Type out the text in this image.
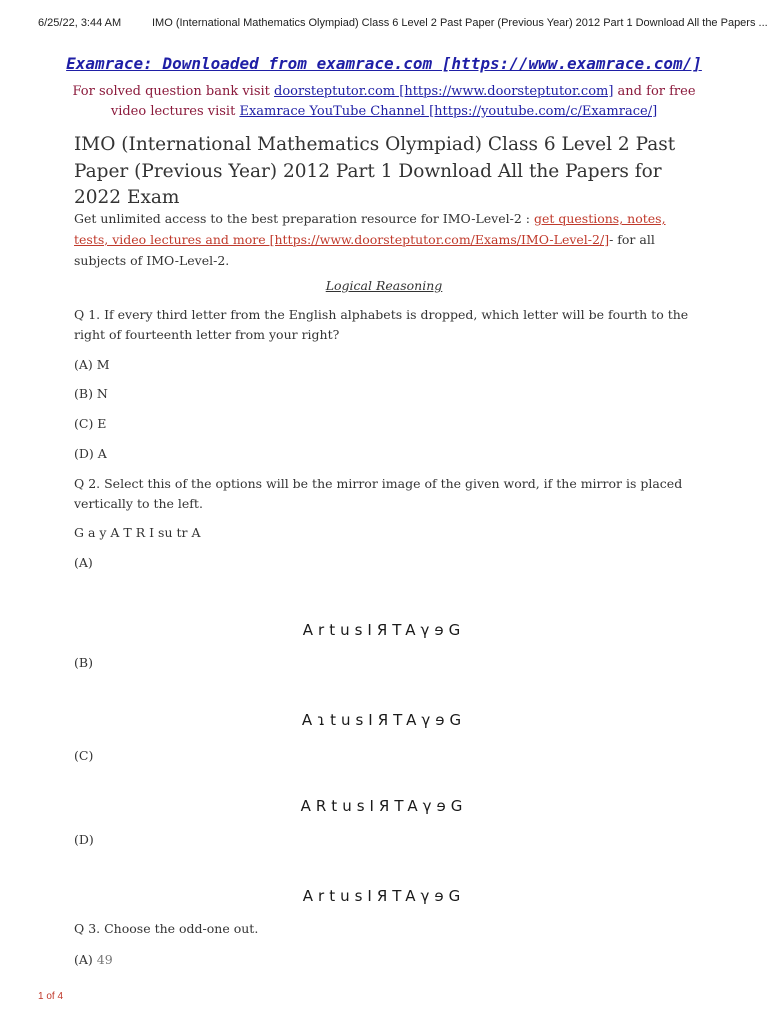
6/25/22, 3:44 AM	IMO (International Mathematics Olympiad) Class 6 Level 2 Past Paper (Previous Year) 2012 Part 1 Download All the Papers ...
Examrace: Downloaded from examrace.com [https://www.examrace.com/]
For solved question bank visit doorsteptutor.com [https://www.doorsteptutor.com] and for free video lectures visit Examrace YouTube Channel [https://youtube.com/c/Examrace/]
IMO (International Mathematics Olympiad) Class 6 Level 2 Past Paper (Previous Year) 2012 Part 1 Download All the Papers for 2022 Exam
Get unlimited access to the best preparation resource for IMO-Level-2 : get questions, notes, tests, video lectures and more [https://www.doorsteptutor.com/Exams/IMO-Level-2/]- for all subjects of IMO-Level-2.
Logical Reasoning
Q 1. If every third letter from the English alphabets is dropped, which letter will be fourth to the right of fourteenth letter from your right?
(A) M
(B) N
(C) E
(D) A
Q 2. Select this of the options will be the mirror image of the given word, if the mirror is placed vertically to the left.
G a y A T R I su tr A
(A)
ArtusIЯTAγɘG
(B)
AɿtusIЯTAγɘG
(C)
ARtusIЯTAγɘG
(D)
ArtusIЯTAγɘG
Q 3. Choose the odd-one out.
(A) 49
1 of 4
